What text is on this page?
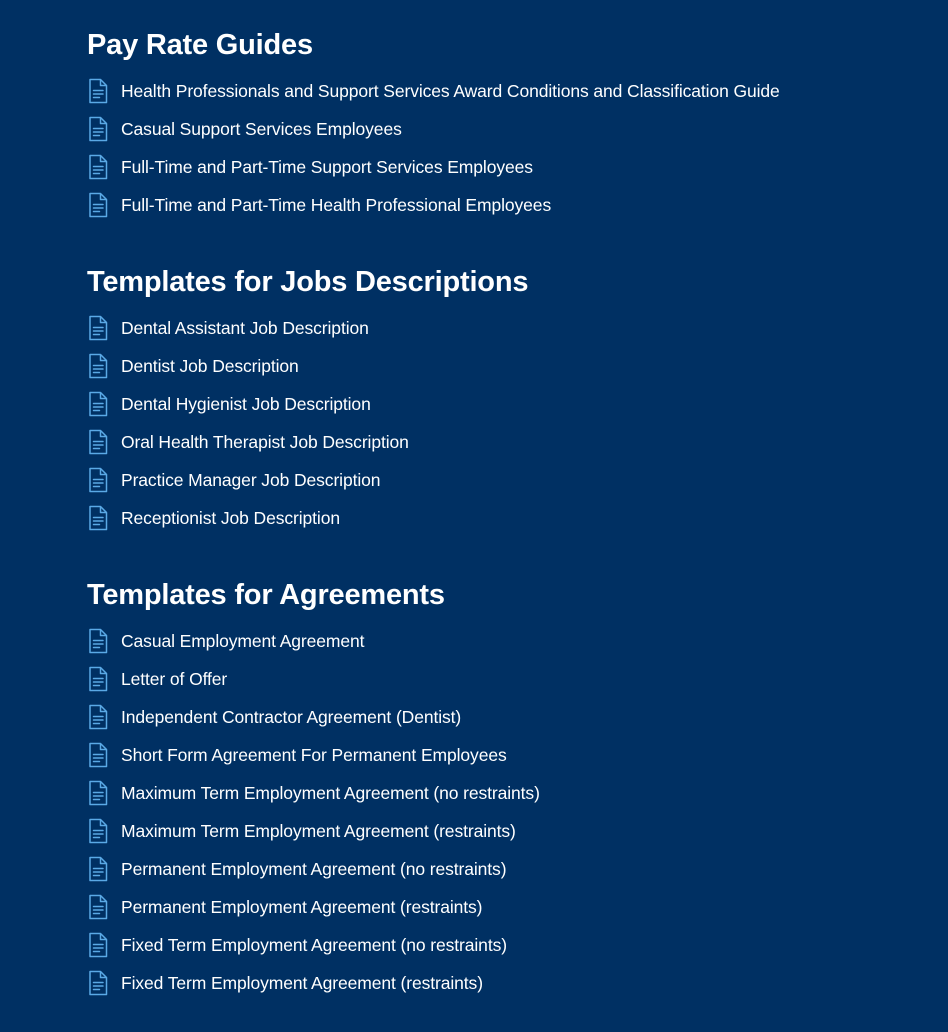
Pay Rate Guides
Health Professionals and Support Services Award Conditions and Classification Guide
Casual Support Services Employees
Full-Time and Part-Time Support Services Employees
Full-Time and Part-Time Health Professional Employees
Templates for Jobs Descriptions
Dental Assistant Job Description
Dentist Job Description
Dental Hygienist Job Description
Oral Health Therapist Job Description
Practice Manager Job Description
Receptionist Job Description
Templates for Agreements
Casual Employment Agreement
Letter of Offer
Independent Contractor Agreement (Dentist)
Short Form Agreement For Permanent Employees
Maximum Term Employment Agreement (no restraints)
Maximum Term Employment Agreement (restraints)
Permanent Employment Agreement (no restraints)
Permanent Employment Agreement (restraints)
Fixed Term Employment Agreement (no restraints)
Fixed Term Employment Agreement (restraints)
